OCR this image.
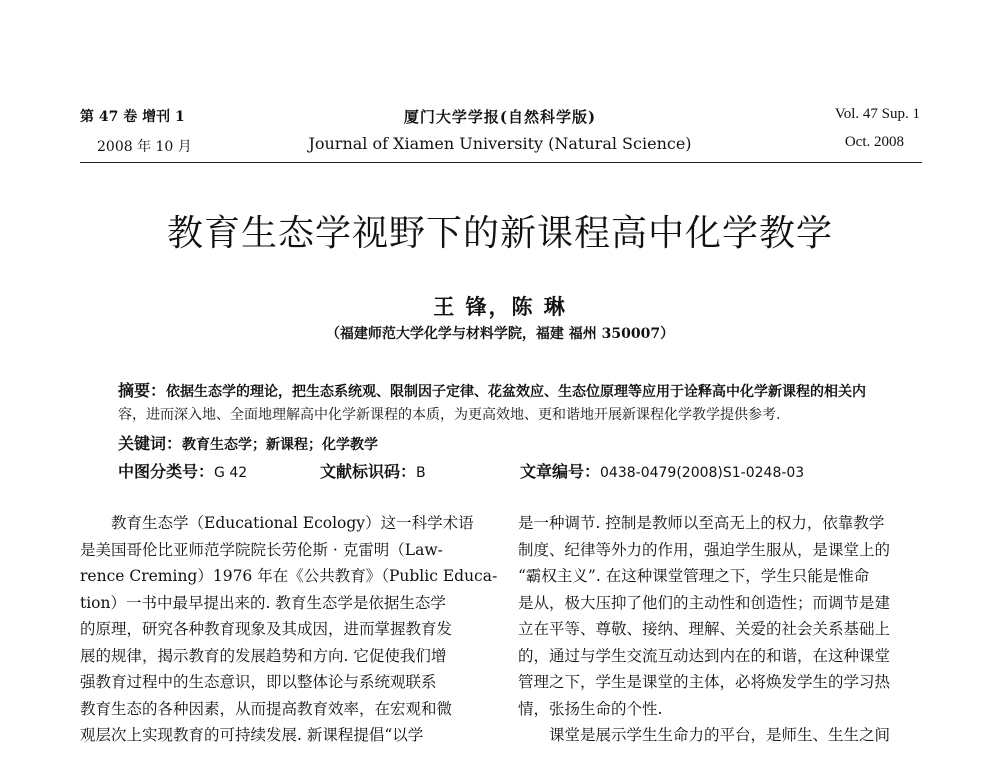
第 47 卷 增刊 1
2008 年 10 月
厦门大学学报(自然科学版)
Journal of Xiamen University (Natural Science)
Vol. 47 Sup. 1
Oct. 2008
教育生态学视野下的新课程高中化学教学
王 锋，陈 琳
（福建师范大学化学与材料学院，福建 福州 350007）
摘要：依据生态学的理论，把生态系统观、限制因子定律、花盆效应、生态位原理等应用于诠释高中化学新课程的相关内
容，进而深入地、全面地理解高中化学新课程的本质，为更高效地、更和谐地开展新课程化学教学提供参考.
关键词：教育生态学；新课程；化学教学
中图分类号：G 42	文献标识码：B	文章编号：0438-0479(2008)S1-0248-03
教育生态学（Educational Ecology）这一科学术语
是美国哥伦比亚师范学院院长劳伦斯 · 克雷明（Law-
rence Creming）1976 年在《公共教育》（Public Educa-
tion）一书中最早提出来的. 教育生态学是依据生态学
的原理，研究各种教育现象及其成因，进而掌握教育发
展的规律，揭示教育的发展趋势和方向. 它促使我们增
强教育过程中的生态意识，即以整体论与系统观联系
教育生态的各种因素，从而提高教育效率，在宏观和微
观层次上实现教育的可持续发展. 新课程提倡“以学
是一种调节. 控制是教师以至高无上的权力，依靠教学
制度、纪律等外力的作用，强迫学生服从，是课堂上的
“霸权主义”. 在这种课堂管理之下，学生只能是惟命
是从，极大压抑了他们的主动性和创造性；而调节是建
立在平等、尊敬、接纳、理解、关爱的社会关系基础上
的，通过与学生交流互动达到内在的和谐，在这种课堂
管理之下，学生是课堂的主体，必将焕发学生的学习热
情，张扬生命的个性.
课堂是展示学生生命力的平台，是师生、生生之间
